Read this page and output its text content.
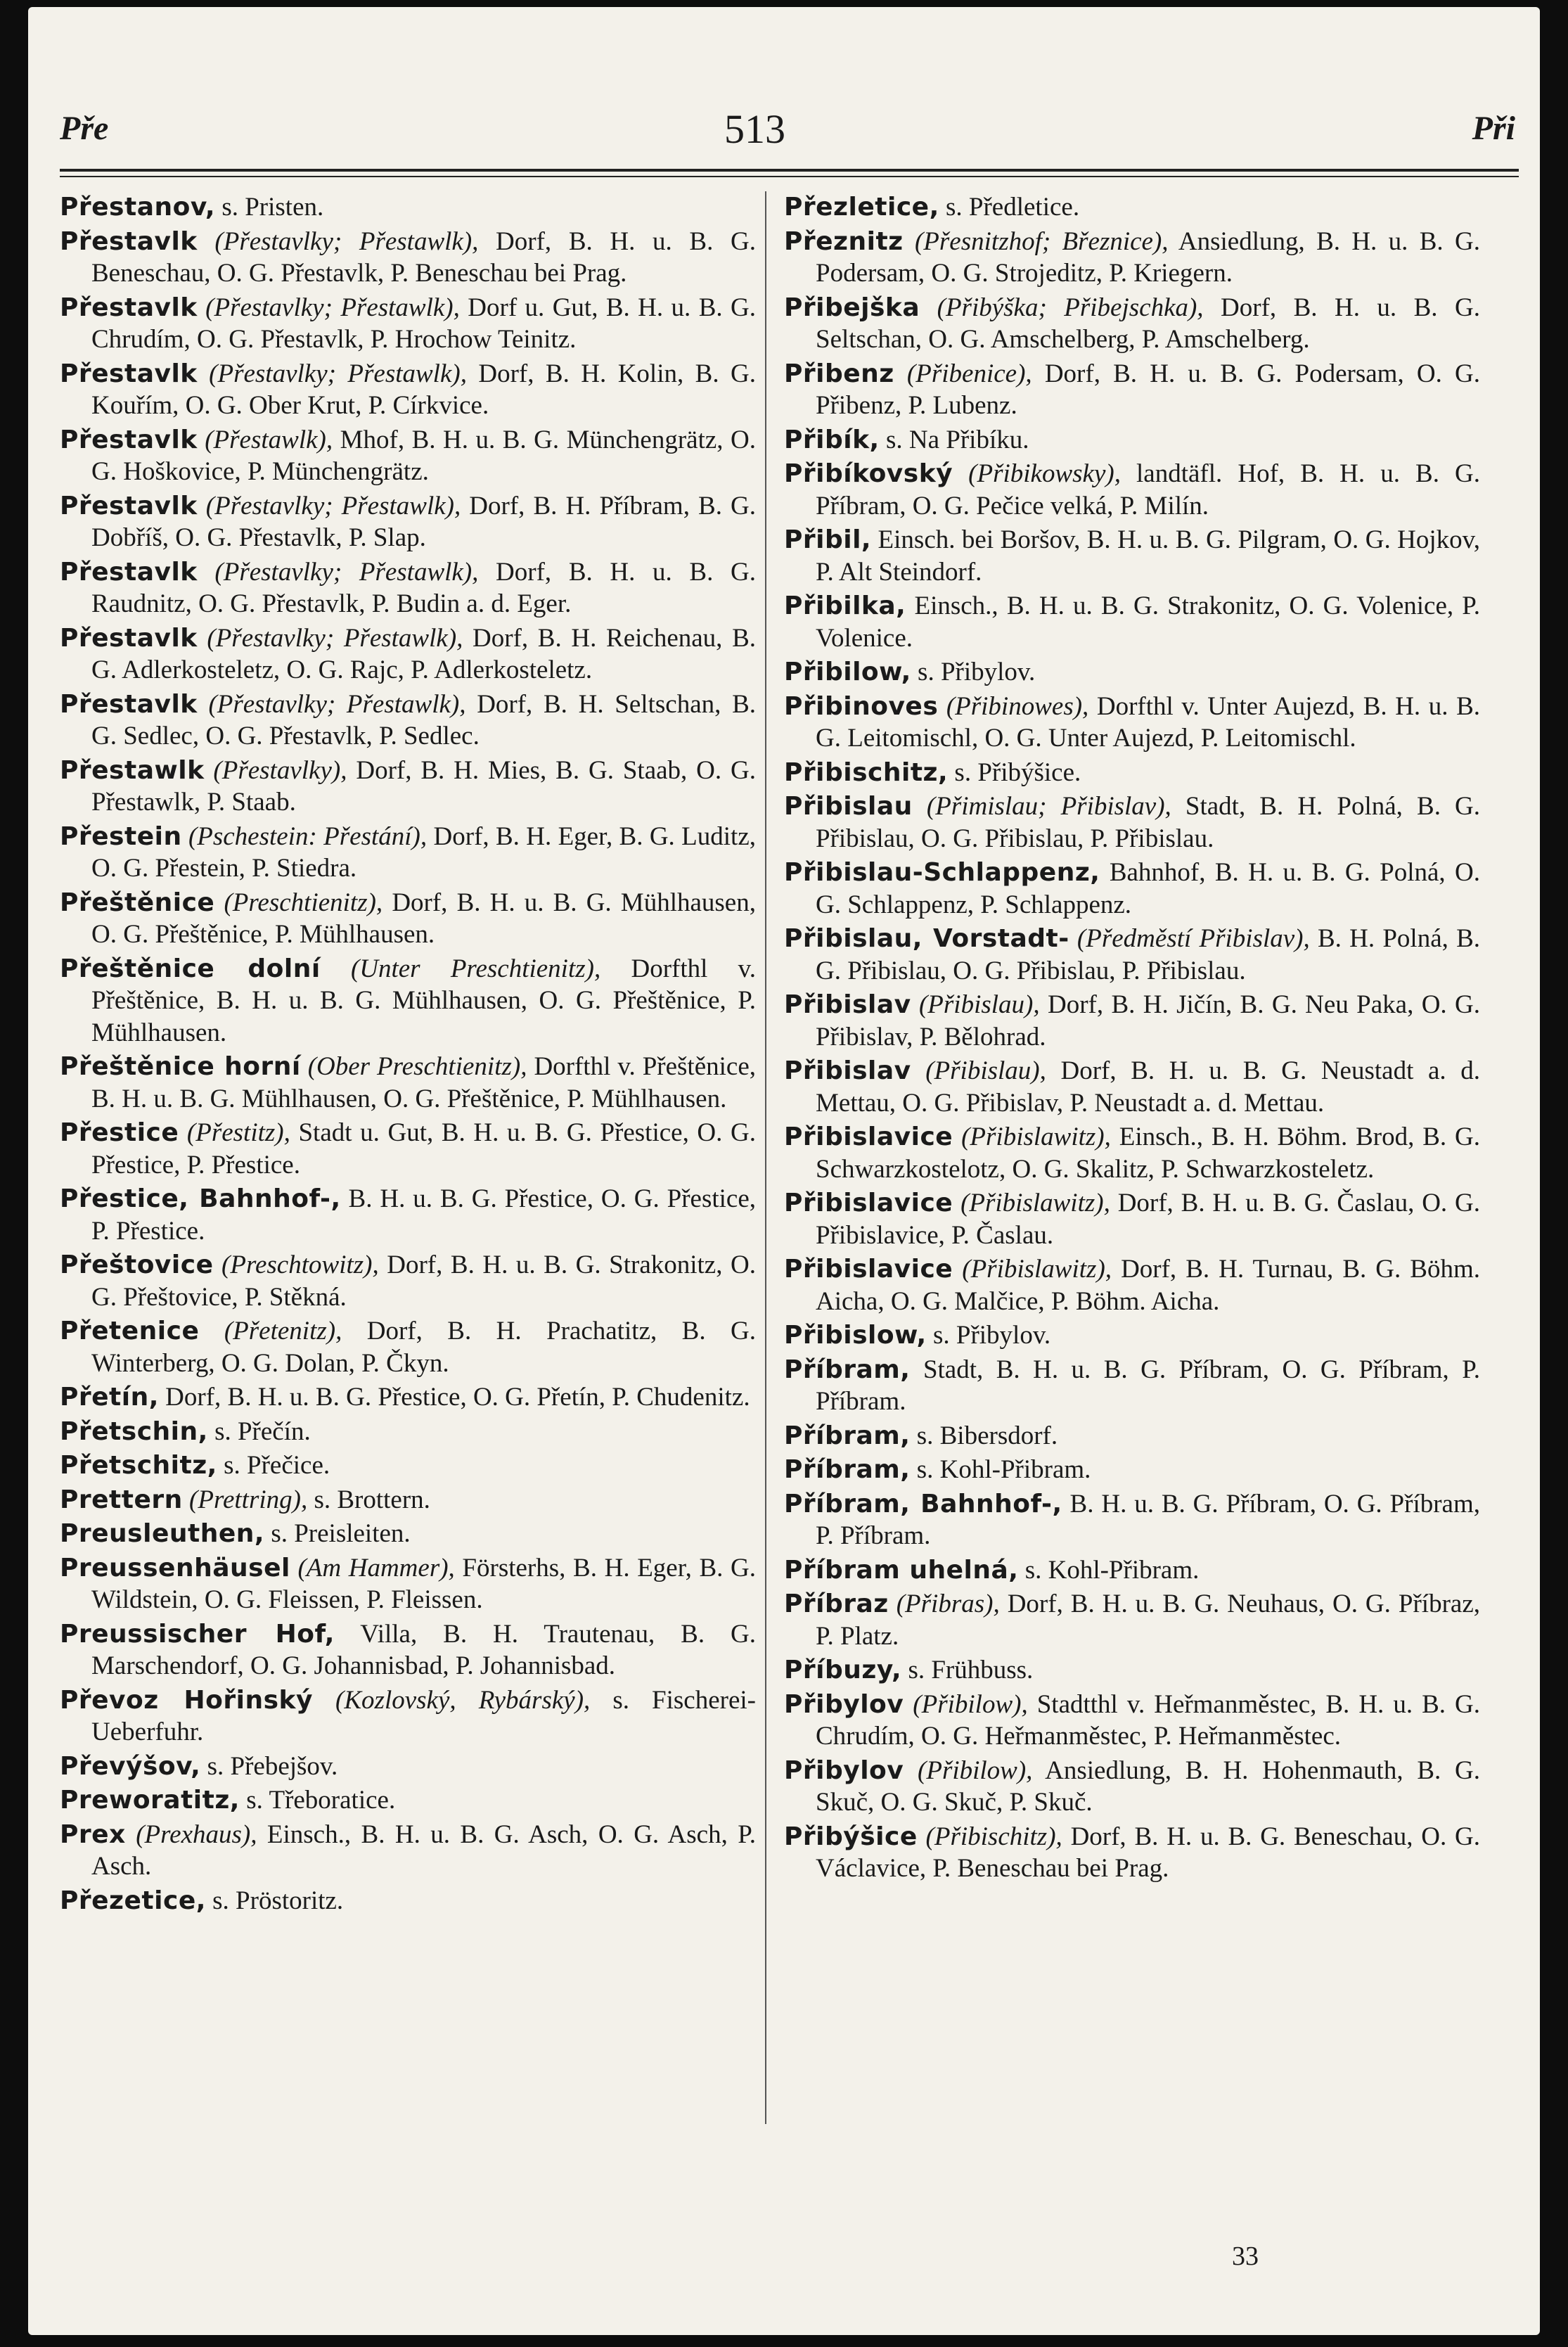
Pře	513	Při

Přestanov, s. Pristen.

Přestavlk (Přestavlky; Přestawlk), Dorf, B. H. u. B. G. Beneschau, O. G. Přestavlk, P. Beneschau bei Prag.

Přestavlk (Přestavlky; Přestawlk), Dorf u. Gut, B. H. u. B. G. Chrudím, O. G. Přestavlk, P. Hrochow Teinitz.

Přestavlk (Přestavlky; Přestawlk), Dorf, B. H. Kolin, B. G. Kouřím, O. G. Ober Krut, P. Církvice.

Přestavlk (Přestawlk), Mhof, B. H. u. B. G. Münchengrätz, O. G. Hoškovice, P. Münchengrätz.

Přestavlk (Přestavlky; Přestawlk), Dorf, B. H. Příbram, B. G. Dobříš, O. G. Přestavlk, P. Slap.

Přestavlk (Přestavlky; Přestawlk), Dorf, B. H. u. B. G. Raudnitz, O. G. Přestavlk, P. Budin a. d. Eger.

Přestavlk (Přestavlky; Přestawlk), Dorf, B. H. Reichenau, B. G. Adlerkosteletz, O. G. Rajc, P. Adlerkosteletz.

Přestavlk (Přestavlky; Přestawlk), Dorf, B. H. Seltschan, B. G. Sedlec, O. G. Přestavlk, P. Sedlec.

Přestawlk (Přestavlky), Dorf, B. H. Mies, B. G. Staab, O. G. Přestawlk, P. Staab.

Přestein (Pschestein: Přestání), Dorf, B. H. Eger, B. G. Luditz, O. G. Přestein, P. Stiedra.

Přeštěnice (Preschtienitz), Dorf, B. H. u. B. G. Mühlhausen, O. G. Přeštěnice, P. Mühlhausen.

Přeštěnice dolní (Unter Preschtienitz), Dorfthl v. Přeštěnice, B. H. u. B. G. Mühlhausen, O. G. Přeštěnice, P. Mühlhausen.

Přeštěnice horní (Ober Preschtienitz), Dorfthl v. Přeštěnice, B. H. u. B. G. Mühlhausen, O. G. Přeštěnice, P. Mühlhausen.

Přestice (Přestitz), Stadt u. Gut, B. H. u. B. G. Přestice, O. G. Přestice, P. Přestice.

Přestice, Bahnhof-, B. H. u. B. G. Přestice, O. G. Přestice, P. Přestice.

Přeštovice (Preschtowitz), Dorf, B. H. u. B. G. Strakonitz, O. G. Přeštovice, P. Stěkná.

Přetenice (Přetenitz), Dorf, B. H. Prachatitz, B. G. Winterberg, O. G. Dolan, P. Čkyn.

Přetín, Dorf, B. H. u. B. G. Přestice, O. G. Přetín, P. Chudenitz.

Přetschin, s. Přečín.

Přetschitz, s. Přečice.

Prettern (Prettring), s. Brottern.

Preusleuthen, s. Preisleiten.

Preussenhäusel (Am Hammer), Försterhs, B. H. Eger, B. G. Wildstein, O. G. Fleissen, P. Fleissen.

Preussischer Hof, Villa, B. H. Trautenau, B. G. Marschendorf, O. G. Johannisbad, P. Johannisbad.

Převoz Hořinský (Kozlovský, Rybárský), s. Fischerei-Ueberfuhr.

Převýšov, s. Přebejšov.

Preworatitz, s. Třeboratice.

Prex (Prexhaus), Einsch., B. H. u. B. G. Asch, O. G. Asch, P. Asch.

Přezetice, s. Pröstoritz.

Přezletice, s. Předletice.

Přeznitz (Přesnitzhof; Březnice), Ansiedlung, B. H. u. B. G. Podersam, O. G. Strojeditz, P. Kriegern.

Přibejška (Přibýška; Přibejschka), Dorf, B. H. u. B. G. Seltschan, O. G. Amschelberg, P. Amschelberg.

Přibenz (Přibenice), Dorf, B. H. u. B. G. Podersam, O. G. Přibenz, P. Lubenz.

Přibík, s. Na Přibíku.

Přibíkovský (Přibikowsky), landtäfl. Hof, B. H. u. B. G. Příbram, O. G. Pečice velká, P. Milín.

Přibil, Einsch. bei Boršov, B. H. u. B. G. Pilgram, O. G. Hojkov, P. Alt Steindorf.

Přibilka, Einsch., B. H. u. B. G. Strakonitz, O. G. Volenice, P. Volenice.

Přibilow, s. Přibylov.

Přibinoves (Přibinowes), Dorfthl v. Unter Aujezd, B. H. u. B. G. Leitomischl, O. G. Unter Aujezd, P. Leitomischl.

Přibischitz, s. Přibýšice.

Přibislau (Přimislau; Přibislav), Stadt, B. H. Polná, B. G. Přibislau, O. G. Přibislau, P. Přibislau.

Přibislau-Schlappenz, Bahnhof, B. H. u. B. G. Polná, O. G. Schlappenz, P. Schlappenz.

Přibislau, Vorstadt- (Předměstí Přibislav), B. H. Polná, B. G. Přibislau, O. G. Přibislau, P. Přibislau.

Přibislav (Přibislau), Dorf, B. H. Jičín, B. G. Neu Paka, O. G. Přibislav, P. Bělohrad.

Přibislav (Přibislau), Dorf, B. H. u. B. G. Neustadt a. d. Mettau, O. G. Přibislav, P. Neustadt a. d. Mettau.

Přibislavice (Přibislawitz), Einsch., B. H. Böhm. Brod, B. G. Schwarzkostelotz, O. G. Skalitz, P. Schwarzkosteletz.

Přibislavice (Přibislawitz), Dorf, B. H. u. B. G. Časlau, O. G. Přibislavice, P. Časlau.

Přibislavice (Přibislawitz), Dorf, B. H. Turnau, B. G. Böhm. Aicha, O. G. Malčice, P. Böhm. Aicha.

Přibislow, s. Přibylov.

Příbram, Stadt, B. H. u. B. G. Příbram, O. G. Příbram, P. Příbram.

Příbram, s. Bibersdorf.

Příbram, s. Kohl-Přibram.

Příbram, Bahnhof-, B. H. u. B. G. Příbram, O. G. Příbram, P. Příbram.

Příbram uhelná, s. Kohl-Přibram.

Příbraz (Přibras), Dorf, B. H. u. B. G. Neuhaus, O. G. Příbraz, P. Platz.

Příbuzy, s. Frühbuss.

Přibylov (Přibilow), Stadtthl v. Heřmanměstec, B. H. u. B. G. Chrudím, O. G. Heřmanměstec, P. Heřmanměstec.

Přibylov (Přibilow), Ansiedlung, B. H. Hohenmauth, B. G. Skuč, O. G. Skuč, P. Skuč.

Přibýšice (Přibischitz), Dorf, B. H. u. B. G. Beneschau, O. G. Václavice, P. Beneschau bei Prag.

33
